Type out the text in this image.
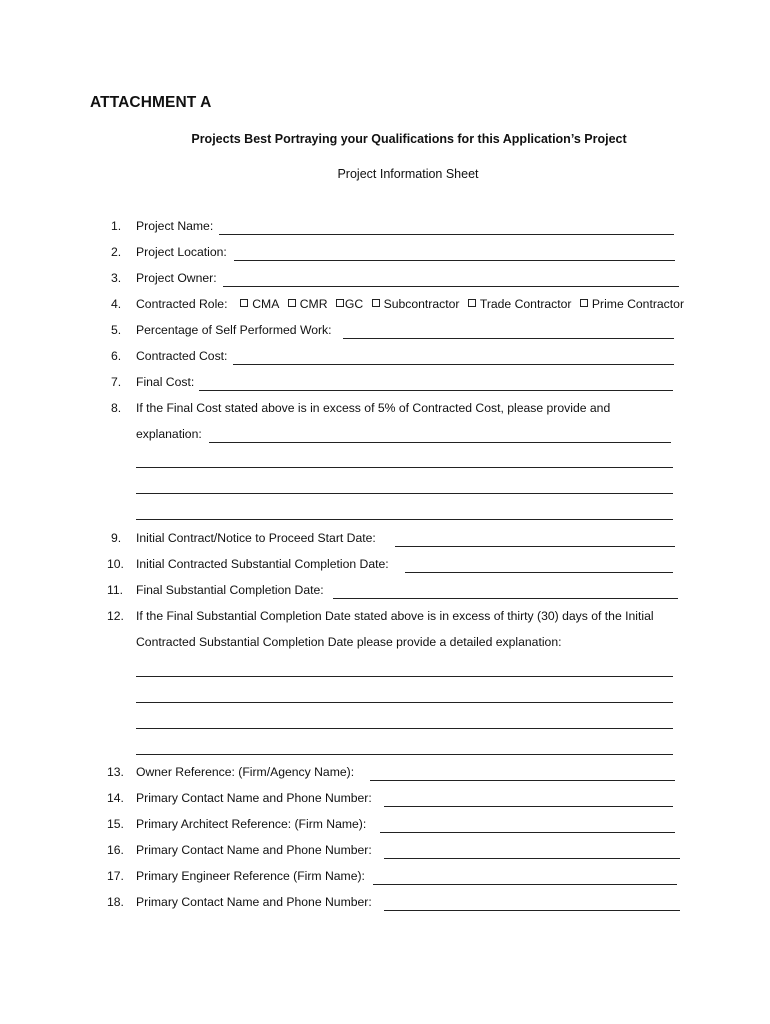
ATTACHMENT A
Projects Best Portraying your Qualifications for this Application’s Project
Project Information Sheet
1. Project Name:
2. Project Location:
3. Project Owner:
4. Contracted Role: CMA CMR GC Subcontractor Trade Contractor Prime Contractor
5. Percentage of Self Performed Work:
6. Contracted Cost:
7. Final Cost:
8. If the Final Cost stated above is in excess of 5% of Contracted Cost, please provide and
explanation:
9. Initial Contract/Notice to Proceed Start Date:
10. Initial Contracted Substantial Completion Date:
11. Final Substantial Completion Date:
12. If the Final Substantial Completion Date stated above is in excess of thirty (30) days of the Initial
Contracted Substantial Completion Date please provide a detailed explanation:
13. Owner Reference: (Firm/Agency Name):
14. Primary Contact Name and Phone Number:
15. Primary Architect Reference: (Firm Name):
16. Primary Contact Name and Phone Number:
17. Primary Engineer Reference (Firm Name):
18. Primary Contact Name and Phone Number:
